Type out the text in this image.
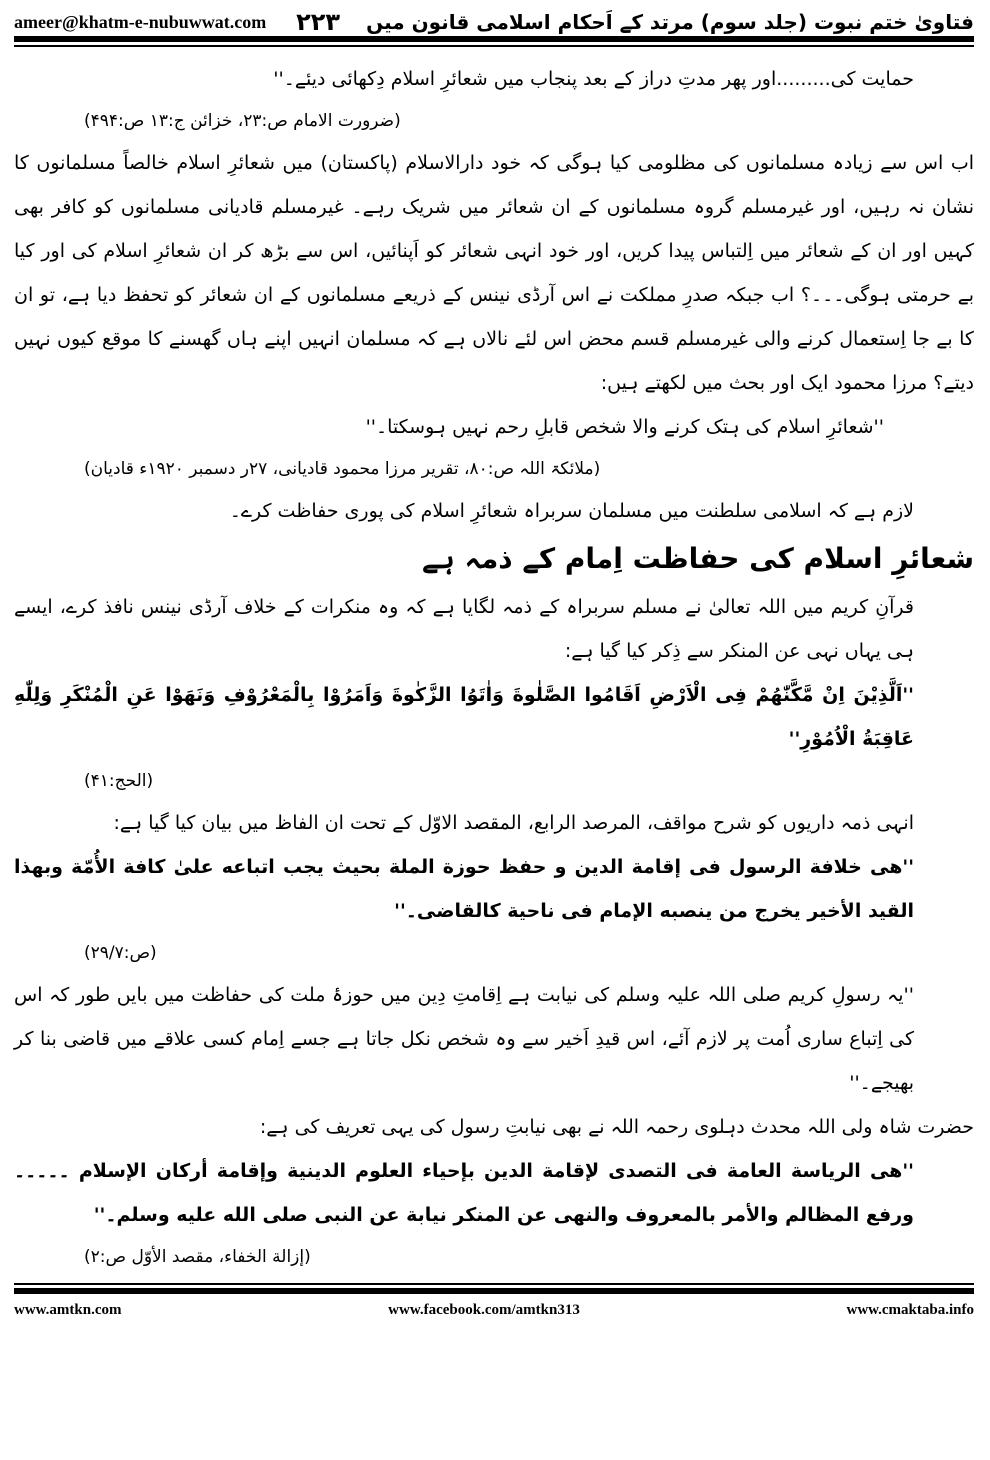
فتاویٰ ختم نبوت (جلد سوم) مرتد کے اَحکام اسلامی قانون میں
۲۲۳
ameer@khatm-e-nubuwwat.com

حمایت کی.........اور پھر مدتِ دراز کے بعد پنجاب میں شعائرِ اسلام دِکھائی دیئے۔''

(ضرورت الامام ص:۲۳، خزائن ج:۱۳ ص:۴۹۴)

اب اس سے زیادہ مسلمانوں کی مظلومی کیا ہوگی کہ خود دارالاسلام (پاکستان) میں شعائرِ اسلام خالصاً مسلمانوں کا نشان نہ رہیں، اور غیرمسلم گروہ مسلمانوں کے ان شعائر میں شریک رہے۔ غیرمسلم قادیانی مسلمانوں کو کافر بھی کہیں اور ان کے شعائر میں اِلتباس پیدا کریں، اور خود انہی شعائر کو اَپنائیں، اس سے بڑھ کر ان شعائرِ اسلام کی اور کیا بے حرمتی ہوگی۔۔۔؟ اب جبکہ صدرِ مملکت نے اس آرڈی نینس کے ذریعے مسلمانوں کے ان شعائر کو تحفظ دیا ہے، تو ان کا بے جا اِستعمال کرنے والی غیرمسلم قسم محض اس لئے نالاں ہے کہ مسلمان انہیں اپنے ہاں گھسنے کا موقع کیوں نہیں دیتے؟ مرزا محمود ایک اور بحث میں لکھتے ہیں:

''شعائرِ اسلام کی ہتک کرنے والا شخص قابلِ رحم نہیں ہوسکتا۔''

(ملائکۃ اللہ ص:۸۰، تقریر مرزا محمود قادیانی، ۲۷ر دسمبر ۱۹۲۰ء قادیان)

لازم ہے کہ اسلامی سلطنت میں مسلمان سربراہ شعائرِ اسلام کی پوری حفاظت کرے۔

شعائرِ اسلام کی حفاظت اِمام کے ذمہ ہے

قرآنِ کریم میں اللہ تعالیٰ نے مسلم سربراہ کے ذمہ لگایا ہے کہ وہ منکرات کے خلاف آرڈی نینس نافذ کرے، ایسے ہی یہاں نہی عن المنکر سے ذِکر کیا گیا ہے:

''اَلَّذِیْنَ اِنْ مَّکَّنّٰهُمْ فِی الْاَرْضِ اَقَامُوا الصَّلٰوةَ وَاٰتَوُا الزَّکٰوةَ وَاَمَرُوْا بِالْمَعْرُوْفِ وَنَهَوْا عَنِ الْمُنْکَرِ وَلِلّٰهِ عَاقِبَةُ الْاُمُوْرِ''

(الحج:۴۱)

انہی ذمہ داریوں کو شرح مواقف، المرصد الرابع، المقصد الاوّل کے تحت ان الفاظ میں بیان کیا گیا ہے:

''ھی خلافة الرسول فی إقامة الدین و حفظ حوزة الملة بحیث یجب اتباعه علیٰ کافة الأُمّة وبهذا القید الأخیر یخرج من ینصبه الإمام فی ناحیة کالقاضی۔''

(ص:۲۹/۷)

''یہ رسولِ کریم صلی اللہ علیہ وسلم کی نیابت ہے اِقامتِ دِین میں حوزۂ ملت کی حفاظت میں بایں طور کہ اس کی اِتباع ساری اُمت پر لازم آئے، اس قیدِ اَخیر سے وہ شخص نکل جاتا ہے جسے اِمام کسی علاقے میں قاضی بنا کر بھیجے۔''

حضرت شاہ ولی اللہ محدث دہلوی رحمہ اللہ نے بھی نیابتِ رسول کی یہی تعریف کی ہے:

''ھی الریاسة العامة فی التصدی لإقامة الدین بإحیاء العلوم الدینیة وإقامة أرکان الإسلام ۔۔۔۔۔ ورفع المظالم والأمر بالمعروف والنهی عن المنکر نیابة عن النبی صلی الله علیه وسلم۔''

(إزالة الخفاء، مقصد الأوّل ص:۲)
www.amtkn.com	www.facebook.com/amtkn313	www.cmaktaba.info
